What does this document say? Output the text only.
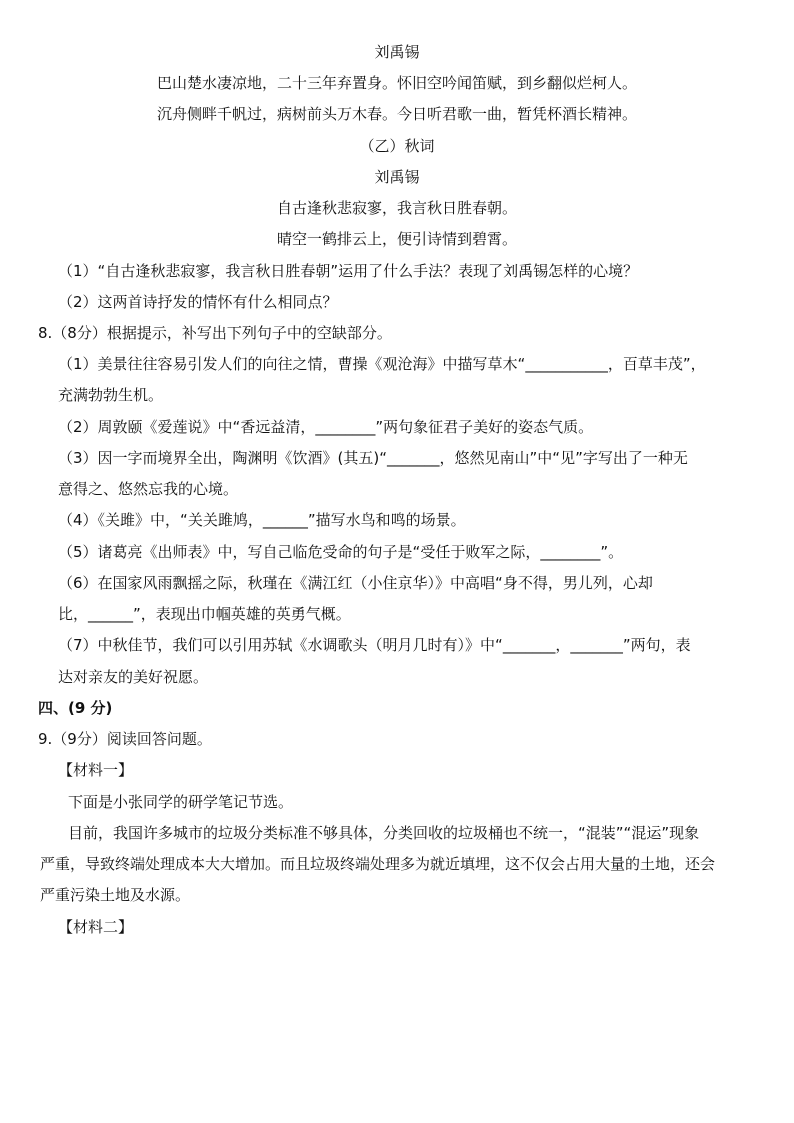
刘禹锡
巴山楚水凄凉地，二十三年弃置身。怀旧空吟闻笛赋，到乡翻似烂柯人。
沉舟侧畔千帆过，病树前头万木春。今日听君歌一曲，暂凭杯酒长精神。
（乙）秋词
刘禹锡
自古逢秋悲寂寥，我言秋日胜春朝。
晴空一鹤排云上，便引诗情到碧霄。
（1）“自古逢秋悲寂寥，我言秋日胜春朝”运用了什么手法？表现了刘禹锡怎样的心境？
（2）这两首诗抒发的情怀有什么相同点？
8.（8分）根据提示，补写出下列句子中的空缺部分。
（1）美景往往容易引发人们的向往之情，曹操《观沧海》中描写草木“___________，百草丰茂”，
充满勃勃生机。
（2）周敦颐《爱莲说》中“香远益清，________”两句象征君子美好的姿态气质。
（3）因一字而境界全出，陶渊明《饮酒》(其五)“_______，悠然见南山”中“见”字写出了一种无
意得之、悠然忘我的心境。
（4）《关雎》中，“关关雎鸠，______”描写水鸟和鸣的场景。
（5）诸葛亮《出师表》中，写自己临危受命的句子是“受任于败军之际，________”。
（6）在国家风雨飘摇之际，秋瑾在《满江红（小住京华）》中高唱“身不得，男儿列，心却
比，______”，表现出巾帼英雄的英勇气概。
（7）中秋佳节，我们可以引用苏轼《水调歌头（明月几时有）》中“_______，_______”两句，表
达对亲友的美好祝愿。
四、(9 分)
9.（9分）阅读回答问题。
【材料一】
下面是小张同学的研学笔记节选。
目前，我国许多城市的垃圾分类标准不够具体，分类回收的垃圾桶也不统一，“混装”“混运”现象
严重，导致终端处理成本大大增加。而且垃圾终端处理多为就近填埋，这不仅会占用大量的土地，还会
严重污染土地及水源。
【材料二】
